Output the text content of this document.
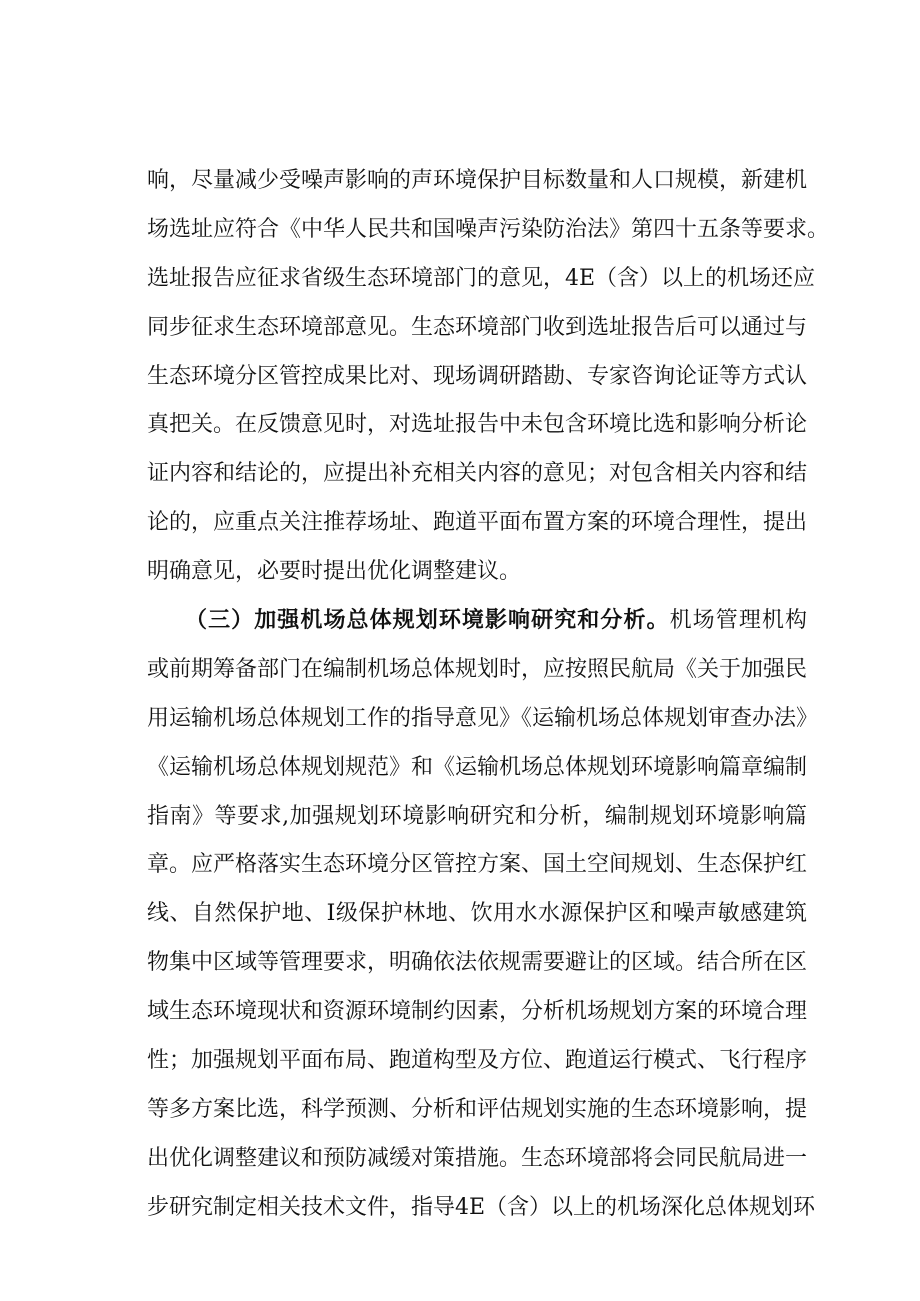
响，尽量减少受噪声影响的声环境保护目标数量和人口规模，新建机
场选址应符合《中华人民共和国噪声污染防治法》第四十五条等要求。
选址报告应征求省级生态环境部门的意见，4E（含）以上的机场还应
同步征求生态环境部意见。生态环境部门收到选址报告后可以通过与
生态环境分区管控成果比对、现场调研踏勘、专家咨询论证等方式认
真把关。在反馈意见时，对选址报告中未包含环境比选和影响分析论
证内容和结论的，应提出补充相关内容的意见；对包含相关内容和结
论的，应重点关注推荐场址、跑道平面布置方案的环境合理性，提出
明确意见，必要时提出优化调整建议。
（三）加强机场总体规划环境影响研究和分析。机场管理机构
或前期筹备部门在编制机场总体规划时，应按照民航局《关于加强民
用运输机场总体规划工作的指导意见》《运输机场总体规划审查办法》
《运输机场总体规划规范》和《运输机场总体规划环境影响篇章编制
指南》等要求,加强规划环境影响研究和分析，编制规划环境影响篇
章。应严格落实生态环境分区管控方案、国土空间规划、生态保护红
线、自然保护地、I级保护林地、饮用水水源保护区和噪声敏感建筑
物集中区域等管理要求，明确依法依规需要避让的区域。结合所在区
域生态环境现状和资源环境制约因素，分析机场规划方案的环境合理
性；加强规划平面布局、跑道构型及方位、跑道运行模式、飞行程序
等多方案比选，科学预测、分析和评估规划实施的生态环境影响，提
出优化调整建议和预防减缓对策措施。生态环境部将会同民航局进一
步研究制定相关技术文件，指导4E（含）以上的机场深化总体规划环
